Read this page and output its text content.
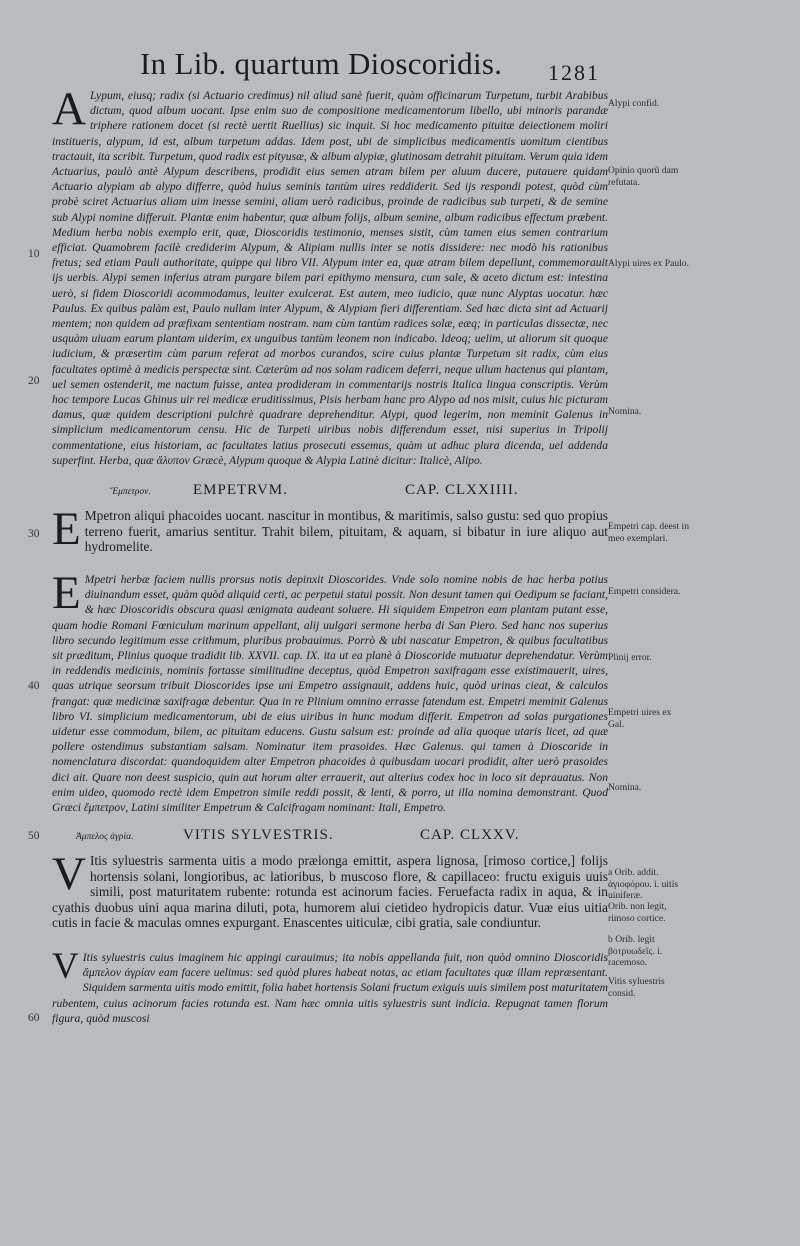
In Lib. quartum Dioscoridis. 1281
10
20
30
40
50
60
A Lypum, eiusq; radix (si Actuario credimus) nil aliud sanè fuerit, quàm officinarum Turpetum, turbit Arabibus dictum, quod album uocant. Ipse enim suo de compositione medicamentorum libello, ubi minoris parandæ triphere rationem docet (si rectè uertit Ruellius) sic inquit. Si hoc medicamento pituitæ deiectionem moliri institueris, alypum, id est, album turpetum addas. Idem post, ubi de simplicibus medicamentis uomitum cientibus tractauit, ita scribit. Turpetum, quod radix est pityusæ, & album alypiæ, glutinosam detrahit pituitam. Verum quia idem Actuarius, paulò antè Alypum describens, prodidit eius semen atram bilem per aluum ducere, putauere quidam Actuario alypiam ab alypo differre, quòd huius seminis tantùm uires reddiderit. Sed ijs respondi potest, quòd cùm probè sciret Actuarius aliam uim inesse semini, aliam uerò radicibus, proinde de radicibus sub turpeti, & de semine sub Alypi nomine differuit. Plantæ enim habentur, quæ album folijs, album semine, album radicibus effectum præbent. Medium herba nobis exemplo erit, quæ, Dioscoridis testimonio, menses sistit, cùm tamen eius semen contrarium efficiat. Quamobrem facilè crediderim Alypum, & Alipiam nullis inter se notis dissidere: nec modò his rationibus fretus; sed etiam Pauli authoritate, quippe qui libro VII. Alypum inter ea, quæ atram bilem depellunt, commemorauit ijs uerbis. Alypi semen inferius atram purgare bilem pari epithymo mensura, cum sale, & aceto dictum est: intestina uerò, si fidem Dioscoridi acommodamus, leuiter exulcerat. Est autem, meo iudicio, quæ nunc Alyptas uocatur. hæc Paulus. Ex quibus palàm est, Paulo nullam inter Alypum, & Alypiam fieri differentiam. Sed hæc dicta sint ad Actuarij mentem; non quidem ad præfixam sententiam nostram. nam cùm tantùm radices solæ, eæq; in particulas dissectæ, nec usquàm uiuam earum plantam uiderim, ex unguibus tantùm leonem non indicabo. Ideoq; uelim, ut aliorum sit quoque iudicium, & præsertim cùm parum referat ad morbos curandos, scire cuius plantæ Turpetum sit radix, cùm eius facultates optimè à medicis perspectæ sint. Cæterùm ad nos solam radicem deferri, neque ullum hactenus qui plantam, uel semen ostenderit, me nactum fuisse, antea prodideram in commentarijs nostris Italica lingua conscriptis. Verùm hoc tempore Lucas Ghinus uir rei medicæ eruditissimus, Pisis herbam hanc pro Alypo ad nos misit, cuius hic picturam damus, quæ quidem descriptioni pulchrè quadrare deprehenditur. Alypi, quod legerim, non meminit Galenus in simplicium medicamentorum censu. Hic de Turpeti uiribus nobis differendum esset, nisi superius in Tripolij commentatione, eius historiam, ac facultates latius prosecuti essemus, quàm ut adhuc plura dicenda, uel addenda superfint. Herba, quæ ἄλυπον Græcè, Alypum quoque & Alypia Latinè dicitur: Italicè, Alipo.
Ἔμπετρον.	EMPETRVM.	CAP. CLXXIIII.
E Mpetron aliqui phacoides uocant. nascitur in montibus, & maritimis, salso gustu: sed quo propius terreno fuerit, amarius sentitur. Trahit bilem, pituitam, & aquam, si bibatur in iure aliquo aut hydromelite.
E Mpetri herbæ faciem nullis prorsus notis depinxit Dioscorides. Vnde solo nomine nobis de hac herba potius diuinandum esset, quàm quòd aliquid certi, ac perpetui statui possit. Non desunt tamen qui Oedipum se faciant, & hæc Dioscoridis obscura quasi ænigmata audeant soluere. Hi siquidem Empetron eam plantam putant esse, quam hodie Romani Fœniculum marinum appellant, alij uulgari sermone herba di San Piero. Sed hanc nos superius libro secundo legitimum esse crithmum, pluribus probauimus. Porrò & ubi nascatur Empetron, & quibus facultatibus sit præditum, Plinius quoque tradidit lib. XXVII. cap. IX. ita ut ea planè à Dioscoride mutuatur deprehendatur. Verùm in reddendis medicinis, nominis fortasse similitudine deceptus, quòd Empetron saxifragam esse existimauerit, uires, quas utrique seorsum tribuit Dioscorides ipse uni Empetro assignauit, addens huic, quòd urinas cieat, & calculos frangat: quæ medicinæ saxifragæ debentur. Qua in re Plinium omnino errasse fatendum est. Empetri meminit Galenus libro VI. simplicium medicamentorum, ubi de eius uiribus in hunc modum differit. Empetron ad solas purgationes uidetur esse commodum, bilem, ac pituitam educens. Gustu salsum est: proinde ad alia quoque utaris licet, ad quæ pollere ostendimus substantiam salsam. Nominatur item prasoides. Hæc Galenus. qui tamen à Dioscoride in nomenclatura discordat: quandoquidem alter Empetron phacoides à quibusdam uocari prodidit, alter uerò prasoides dici ait. Quare non deest suspicio, quin aut horum alter errauerit, aut alterius codex hoc in loco sit deprauatus. Non enim uideo, quomodo rectè idem Empetron simile reddi possit, & lenti, & porro, ut illa nomina demonstrant. Quod Græci ἔμπετρον, Latini similiter Empetrum & Calcifragam nominant: Itali, Empetro.
Ἀμπελος ἀγρία.	VITIS SYLVESTRIS.	CAP. CLXXV.
V Itis syluestris sarmenta uitis a modo prælonga emittit, aspera lignosa, [rimoso cortice,] folijs hortensis solani, longioribus, ac latioribus, b muscoso flore, & capillaceo: fructu exiguis uuis simili, post maturitatem rubente: rotunda est acinorum facies. Feruefacta radix in aqua, & in cyathis duobus uini aqua marina diluti, pota, humorem alui cietideo hydropicis datur. Vuæ eius uitia cutis in facie & maculas omnes expurgant. Enascentes uiticulæ, cibi gratia, sale condiuntur.
V Itis syluestris cuius imaginem hic appingi curauimus; ita nobis appellanda fuit, non quòd omnino Dioscoridis ἄμπελον ἀγρίαν eam facere uelimus: sed quòd plures habeat notas, ac etiam facultates quæ illam repræsentant. Siquidem sarmenta uitis modo emittit, folia habet hortensis Solani fructum exiguis uuis similem post maturitatem rubentem, cuius acinorum facies rotunda est. Nam hæc omnia uitis syluestris sunt indicia. Repugnat tamen florum figura, quòd muscosi
Alypi confid.
Opinio quorũ dam refutata.
Alypi uires ex Paulo.
Nomina.
Empetri cap. deest in meo exemplari.
Empetri considera.
Plinij error.
Empetri uires ex Gal.
Nomina.
a Orib. addit. ἀγιοφόρου. i. uitis uiniferæ.
Orib. non legit, rimoso cortice.
b Orib. legit βοτρυωδεῖς. i. racemoso.
Vitis syluestris consid.
